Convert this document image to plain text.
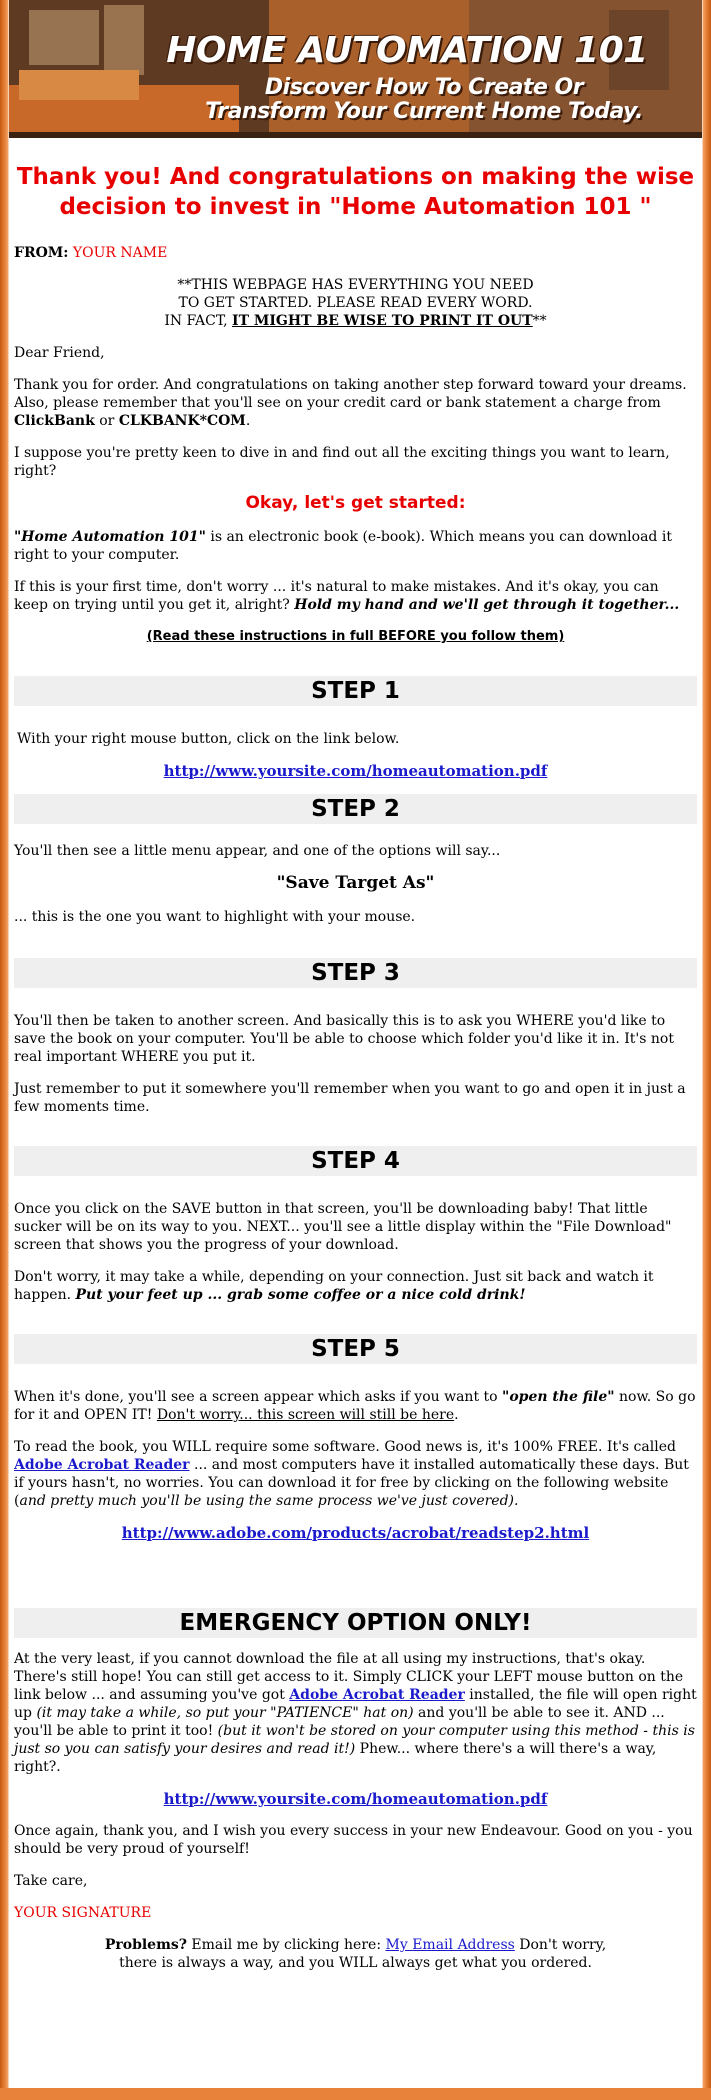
HOME AUTOMATION 101
Discover How To Create Or
Transform Your Current Home Today.
Thank you! And congratulations on making the wise decision to invest in "Home Automation 101 "

FROM: YOUR NAME

**THIS WEBPAGE HAS EVERYTHING YOU NEED
TO GET STARTED. PLEASE READ EVERY WORD.
IN FACT, IT MIGHT BE WISE TO PRINT IT OUT**

Dear Friend,

Thank you for order. And congratulations on taking another step forward toward your dreams. Also, please remember that you'll see on your credit card or bank statement a charge from ClickBank or CLKBANK*COM.

I suppose you're pretty keen to dive in and find out all the exciting things you want to learn, right?

Okay, let's get started:

"Home Automation 101" is an electronic book (e-book). Which means you can download it right to your computer.

If this is your first time, don't worry ... it's natural to make mistakes. And it's okay, you can keep on trying until you get it, alright? Hold my hand and we'll get through it together...

(Read these instructions in full BEFORE you follow them)
STEP 1

With your right mouse button, click on the link below.

http://www.yoursite.com/homeautomation.pdf
STEP 2

You'll then see a little menu appear, and one of the options will say...

"Save Target As"

... this is the one you want to highlight with your mouse.

STEP 3

You'll then be taken to another screen. And basically this is to ask you WHERE you'd like to save the book on your computer. You'll be able to choose which folder you'd like it in. It's not real important WHERE you put it.

Just remember to put it somewhere you'll remember when you want to go and open it in just a few moments time.

STEP 4

Once you click on the SAVE button in that screen, you'll be downloading baby! That little sucker will be on its way to you. NEXT... you'll see a little display within the "File Download" screen that shows you the progress of your download.

Don't worry, it may take a while, depending on your connection. Just sit back and watch it happen. Put your feet up ... grab some coffee or a nice cold drink!

STEP 5

When it's done, you'll see a screen appear which asks if you want to "open the file" now. So go for it and OPEN IT! Don't worry... this screen will still be here.

To read the book, you WILL require some software. Good news is, it's 100% FREE. It's called Adobe Acrobat Reader ... and most computers have it installed automatically these days. But if yours hasn't, no worries. You can download it for free by clicking on the following website (and pretty much you'll be using the same process we've just covered).

http://www.adobe.com/products/acrobat/readstep2.html
EMERGENCY OPTION ONLY!

At the very least, if you cannot download the file at all using my instructions, that's okay. There's still hope! You can still get access to it. Simply CLICK your LEFT mouse button on the link below ... and assuming you've got Adobe Acrobat Reader installed, the file will open right up (it may take a while, so put your "PATIENCE" hat on) and you'll be able to see it. AND ... you'll be able to print it too! (but it won't be stored on your computer using this method - this is just so you can satisfy your desires and read it!) Phew... where there's a will there's a way, right?.

http://www.yoursite.com/homeautomation.pdf

Once again, thank you, and I wish you every success in your new Endeavour. Good on you - you should be very proud of yourself!

Take care,

YOUR SIGNATURE

Problems? Email me by clicking here: My Email Address Don't worry,
there is always a way, and you WILL always get what you ordered.
